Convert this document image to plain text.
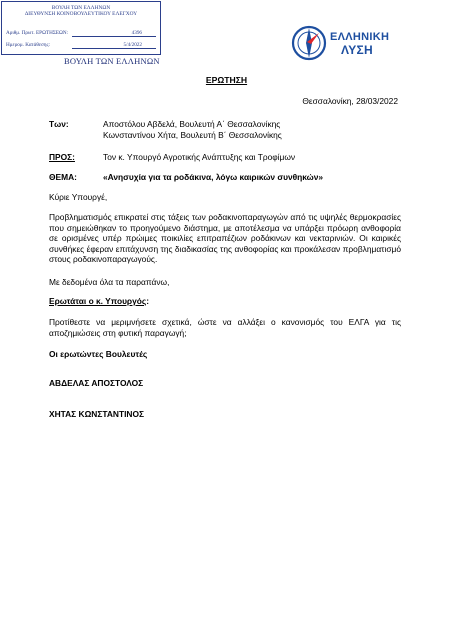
ΒΟΥΛΗ ΤΩΝ ΕΛΛΗΝΩΝ
ΔΙΕΥΘΥΝΣΗ ΚΟΙΝΟΒΟΥΛΕΥΤΙΚΟΥ ΕΛΕΓΧΟΥ
Αριθμ. Πρωτ. ΕΡΩΤΗΣΕΩΝ:	4396
Ημερομ. Κατάθεσης:	5/4/2022
ΒΟΥΛΗ ΤΩΝ ΕΛΛΗΝΩΝ
ΕΛΛΗΝΙΚΗ
ΛΥΣΗ
ΕΡΩΤΗΣΗ
Θεσσαλονίκη, 28/03/2022
Των:	Αποστόλου Αβδελά, Βουλευτή Α΄ Θεσσαλονίκης
Κωνσταντίνου Χήτα, Βουλευτή Β΄ Θεσσαλονίκης
ΠΡΟΣ:	Τον κ. Υπουργό Αγροτικής Ανάπτυξης και Τροφίμων
ΘΕΜΑ:	«Ανησυχία για τα ροδάκινα, λόγω καιρικών συνθηκών»
Κύριε Υπουργέ,
Προβληματισμός επικρατεί στις τάξεις των ροδακινοπαραγωγών από τις υψηλές θερμοκρασίες που σημειώθηκαν το προηγούμενο διάστημα, με αποτέλεσμα να υπάρξει πρόωρη ανθοφορία σε ορισμένες υπέρ πρώιμες ποικιλίες επιτραπέζιων ροδάκινων και νεκταρινιών. Οι καιρικές συνθήκες έφεραν επιτάχυνση της διαδικασίας της ανθοφορίας και προκάλεσαν προβληματισμό στους ροδακινοπαραγωγούς.
Με δεδομένα όλα τα παραπάνω,
Ερωτάται ο κ. Υπουργός:
Προτίθεστε να μεριμνήσετε σχετικά, ώστε να αλλάξει ο κανονισμός του ΕΛΓΑ για τις αποζημιώσεις στη φυτική παραγωγή;
Οι ερωτώντες Βουλευτές
ΑΒΔΕΛΑΣ ΑΠΟΣΤΟΛΟΣ
ΧΗΤΑΣ ΚΩΝΣΤΑΝΤΙΝΟΣ
